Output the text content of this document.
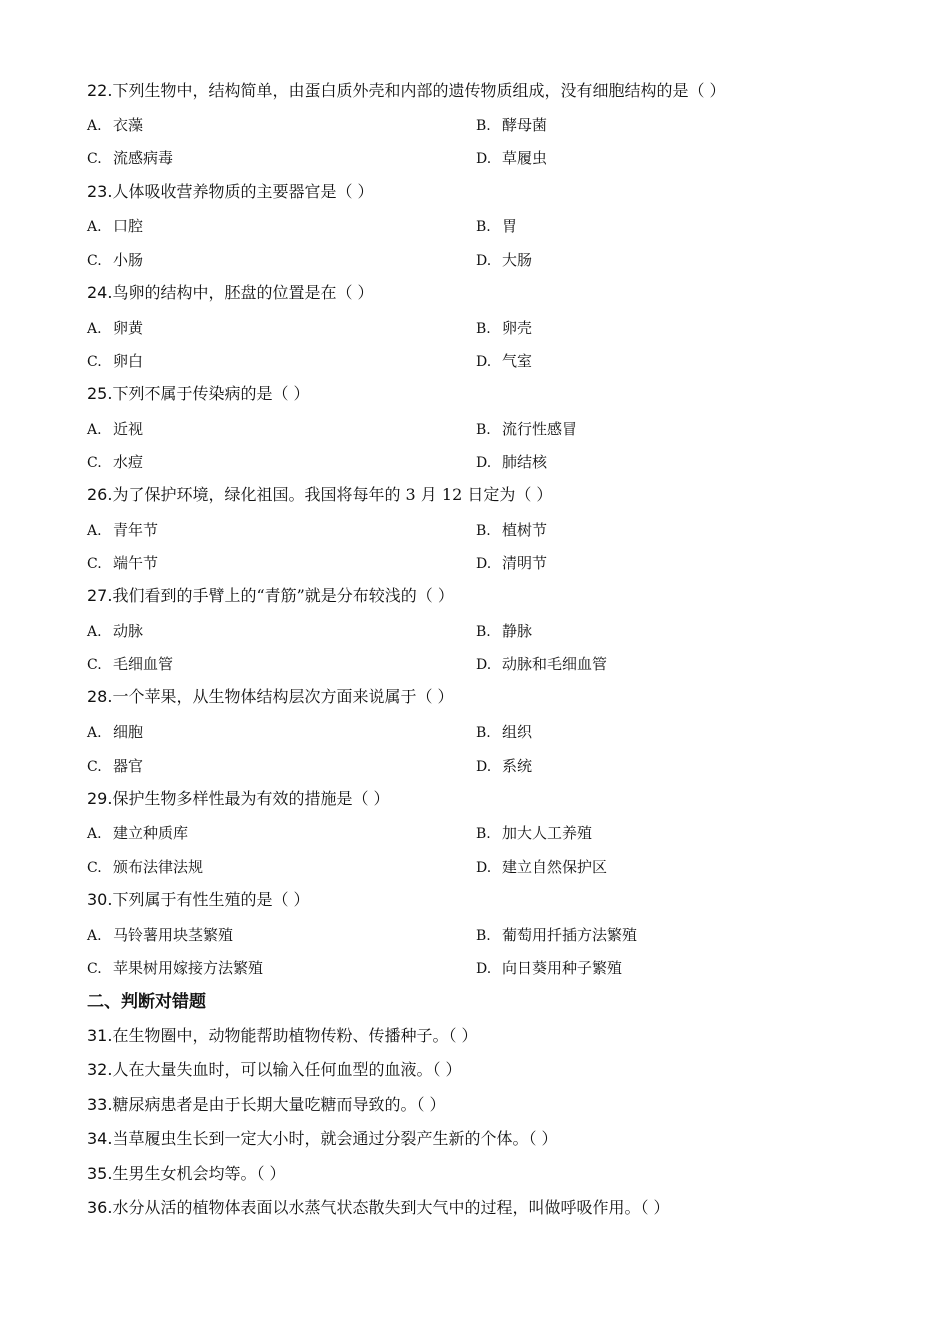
22.下列生物中，结构简单，由蛋白质外壳和内部的遗传物质组成，没有细胞结构的是（ ）
A. 衣藻	B. 酵母菌
C. 流感病毒	D. 草履虫
23.人体吸收营养物质的主要器官是（ ）
A. 口腔	B. 胃
C. 小肠	D. 大肠
24.鸟卵的结构中，胚盘的位置是在（ ）
A. 卵黄	B. 卵壳
C. 卵白	D. 气室
25.下列不属于传染病的是（ ）
A. 近视	B. 流行性感冒
C. 水痘	D. 肺结核
26.为了保护环境，绿化祖国。我国将每年的 3 月 12 日定为（ ）
A. 青年节	B. 植树节
C. 端午节	D. 清明节
27.我们看到的手臂上的“青筋”就是分布较浅的（ ）
A. 动脉	B. 静脉
C. 毛细血管	D. 动脉和毛细血管
28.一个苹果，从生物体结构层次方面来说属于（ ）
A. 细胞	B. 组织
C. 器官	D. 系统
29.保护生物多样性最为有效的措施是（ ）
A. 建立种质库	B. 加大人工养殖
C. 颁布法律法规	D. 建立自然保护区
30.下列属于有性生殖的是（ ）
A. 马铃薯用块茎繁殖	B. 葡萄用扦插方法繁殖
C. 苹果树用嫁接方法繁殖	D. 向日葵用种子繁殖
二、判断对错题
31.在生物圈中，动物能帮助植物传粉、传播种子。（ ）
32.人在大量失血时，可以输入任何血型的血液。（ ）
33.糖尿病患者是由于长期大量吃糖而导致的。（ ）
34.当草履虫生长到一定大小时，就会通过分裂产生新的个体。（ ）
35.生男生女机会均等。（ ）
36.水分从活的植物体表面以水蒸气状态散失到大气中的过程，叫做呼吸作用。（ ）
